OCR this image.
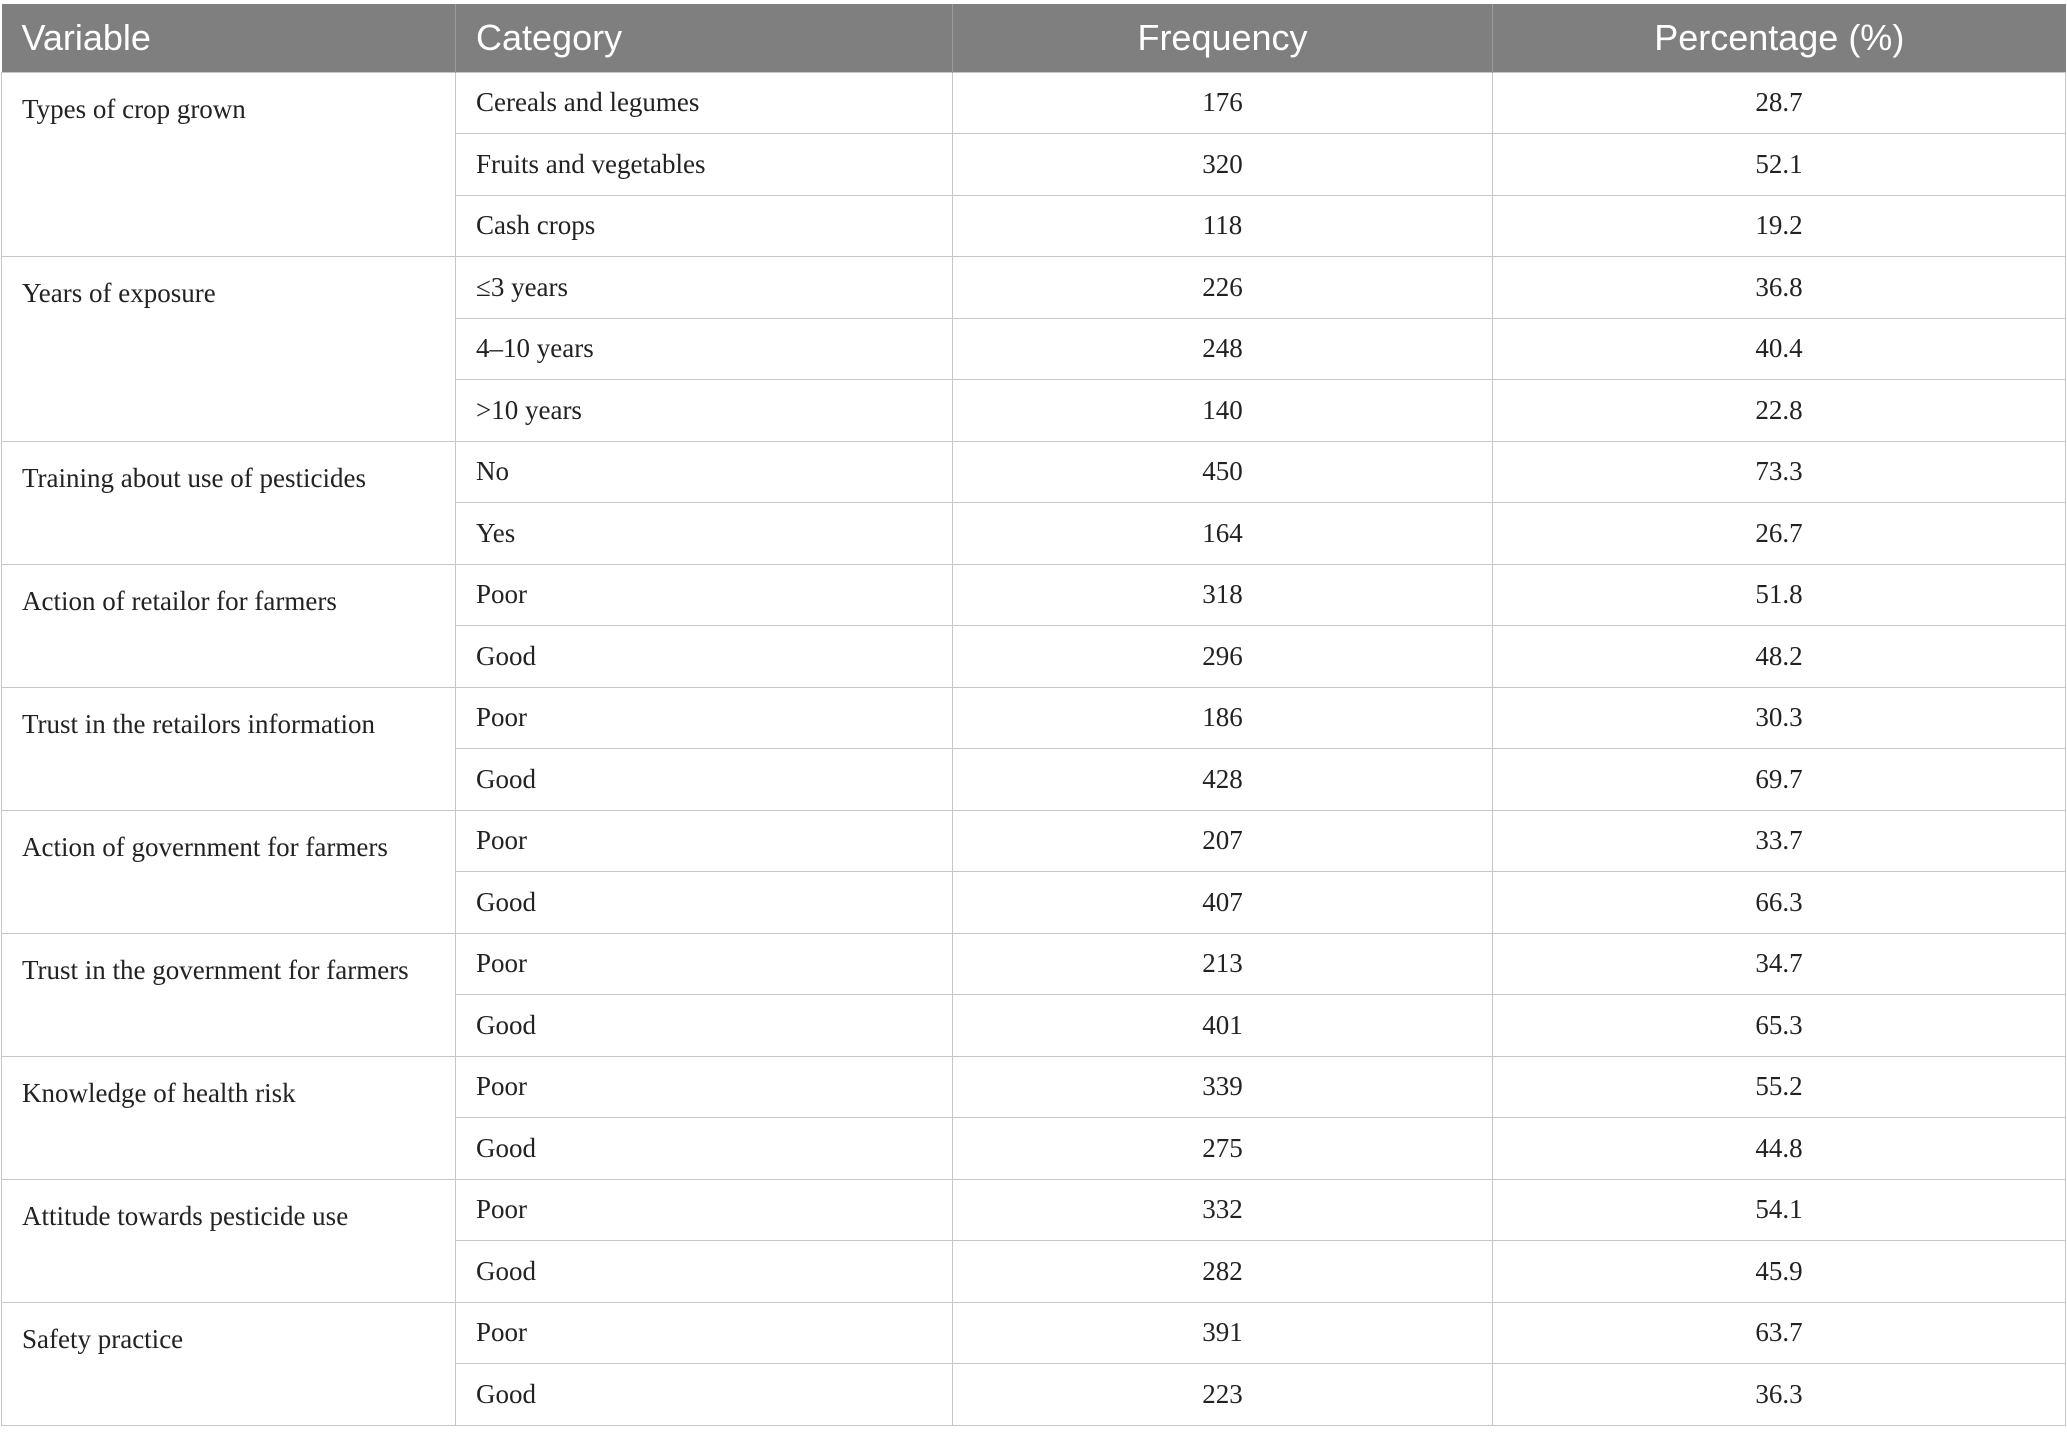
Variable	Category	Frequency	Percentage (%)
Types of crop grown	Cereals and legumes	176	28.7
	Fruits and vegetables	320	52.1
	Cash crops	118	19.2
Years of exposure	≤3 years	226	36.8
	4–10 years	248	40.4
	>10 years	140	22.8
Training about use of pesticides	No	450	73.3
	Yes	164	26.7
Action of retailor for farmers	Poor	318	51.8
	Good	296	48.2
Trust in the retailors information	Poor	186	30.3
	Good	428	69.7
Action of government for farmers	Poor	207	33.7
	Good	407	66.3
Trust in the government for farmers	Poor	213	34.7
	Good	401	65.3
Knowledge of health risk	Poor	339	55.2
	Good	275	44.8
Attitude towards pesticide use	Poor	332	54.1
	Good	282	45.9
Safety practice	Poor	391	63.7
	Good	223	36.3
